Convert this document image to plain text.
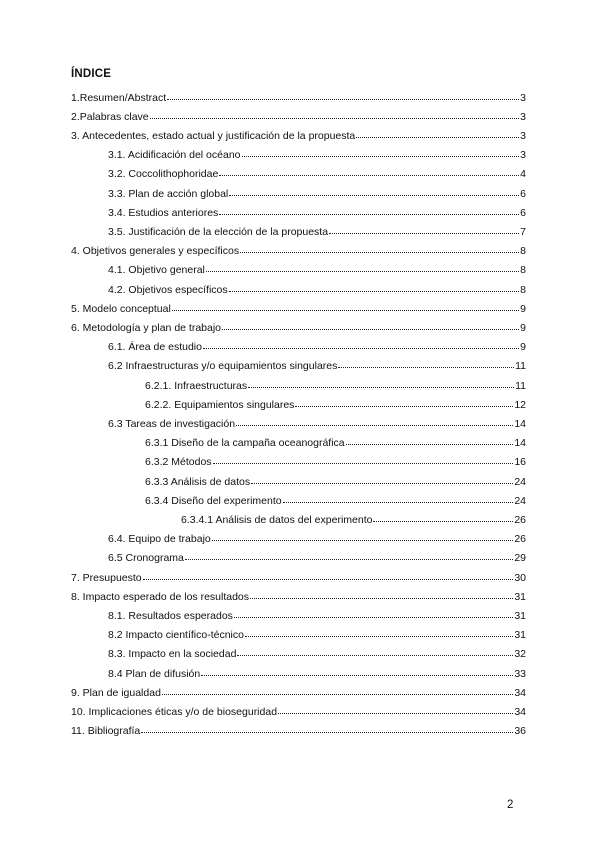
ÍNDICE
1.Resumen/Abstract	3
2.Palabras clave	3
3. Antecedentes, estado actual y justificación de la propuesta	3
3.1. Acidificación del océano	3
3.2. Coccolithophoridae	4
3.3. Plan de acción global	6
3.4. Estudios anteriores	6
3.5. Justificación de la elección de la propuesta	7
4. Objetivos generales y específicos	8
4.1. Objetivo general	8
4.2. Objetivos específicos	8
5. Modelo conceptual	9
6. Metodología y plan de trabajo	9
6.1. Área de estudio	9
6.2 Infraestructuras y/o equipamientos singulares	11
6.2.1. Infraestructuras	11
6.2.2. Equipamientos singulares	12
6.3 Tareas de investigación	14
6.3.1 Diseño de la campaña oceanográfica	14
6.3.2 Métodos	16
6.3.3 Análisis de datos	24
6.3.4 Diseño del experimento	24
6.3.4.1 Análisis de datos del experimento	26
6.4. Equipo de trabajo	26
6.5 Cronograma	29
7. Presupuesto	30
8. Impacto esperado de los resultados	31
8.1. Resultados esperados	31
8.2 Impacto científico-técnico	31
8.3. Impacto en la sociedad	32
8.4 Plan de difusión	33
9. Plan de igualdad	34
10. Implicaciones éticas y/o de bioseguridad	34
11. Bibliografía	36
2
